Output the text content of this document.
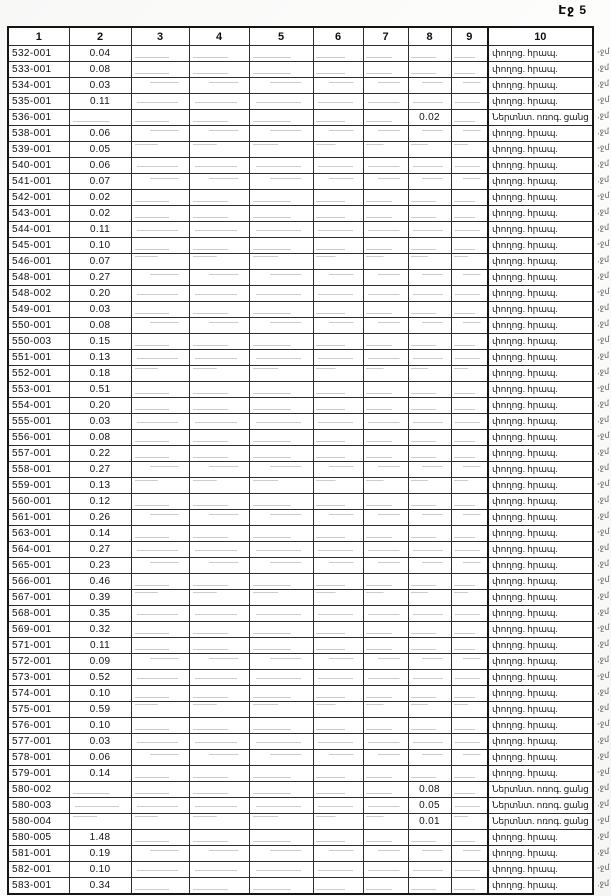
Էջ 5
1	2	3	4	5	6	7	8	9	10
532-001	0.04								փողոց. հրապ.
533-001	0.08								փողոց. հրապ.
534-001	0.03								փողոց. հրապ.
535-001	0.11								փողոց. հրապ.
536-001							0.02		Ներտնտ. ոռոգ. ցանց
538-001	0.06								փողոց. հրապ.
539-001	0.05								փողոց. հրապ.
540-001	0.06								փողոց. հրապ.
541-001	0.07								փողոց. հրապ.
542-001	0.02								փողոց. հրապ.
543-001	0.02								փողոց. հրապ.
544-001	0.11								փողոց. հրապ.
545-001	0.10								փողոց. հրապ.
546-001	0.07								փողոց. հրապ.
548-001	0.27								փողոց. հրապ.
548-002	0.20								փողոց. հրապ.
549-001	0.03								փողոց. հրապ.
550-001	0.08								փողոց. հրապ.
550-003	0.15								փողոց. հրապ.
551-001	0.13								փողոց. հրապ.
552-001	0.18								փողոց. հրապ.
553-001	0.51								փողոց. հրապ.
554-001	0.20								փողոց. հրապ.
555-001	0.03								փողոց. հրապ.
556-001	0.08								փողոց. հրապ.
557-001	0.22								փողոց. հրապ.
558-001	0.27								փողոց. հրապ.
559-001	0.13								փողոց. հրապ.
560-001	0.12								փողոց. հրապ.
561-001	0.26								փողոց. հրապ.
563-001	0.14								փողոց. հրապ.
564-001	0.27								փողոց. հրապ.
565-001	0.23								փողոց. հրապ.
566-001	0.46								փողոց. հրապ.
567-001	0.39								փողոց. հրապ.
568-001	0.35								փողոց. հրապ.
569-001	0.32								փողոց. հրապ.
571-001	0.11								փողոց. հրապ.
572-001	0.09								փողոց. հրապ.
573-001	0.52								փողոց. հրապ.
574-001	0.10								փողոց. հրապ.
575-001	0.59								փողոց. հրապ.
576-001	0.10								փողոց. հրապ.
577-001	0.03								փողոց. հրապ.
578-001	0.06								փողոց. հրապ.
579-001	0.14								փողոց. հրապ.
580-002							0.08		Ներտնտ. ոռոգ. ցանց
580-003							0.05		Ներտնտ. ոռոգ. ցանց
580-004							0.01		Ներտնտ. ոռոգ. ցանց
580-005	1.48								փողոց. հրապ.
581-001	0.19								փողոց. հրապ.
582-001	0.10								փողոց. հրապ.
583-001	0.34								փողոց. հրապ.
-ջմ
.ջմ
.ջմ
-ջմ
.ջմ
.ջմ
-ջմ
.ջմ
.ջմ
-ջմ
.ջմ
.ջմ
-ջմ
.ջմ
.ջմ
-ջմ
.ջմ
.ջմ
-ջմ
.ջմ
.ջմ
-ջմ
.ջմ
.ջմ
-ջմ
.ջմ
.ջմ
-ջմ
.ջմ
.ջմ
-ջմ
.ջմ
.ջմ
-ջմ
.ջմ
.ջմ
-ջմ
.ջմ
.ջմ
-ջմ
.ջմ
.ջմ
-ջմ
.ջմ
.ջմ
-ջմ
.ջմ
.ջմ
-ջմ
.ջմ
.ջմ
-ջմ
.ջմ
